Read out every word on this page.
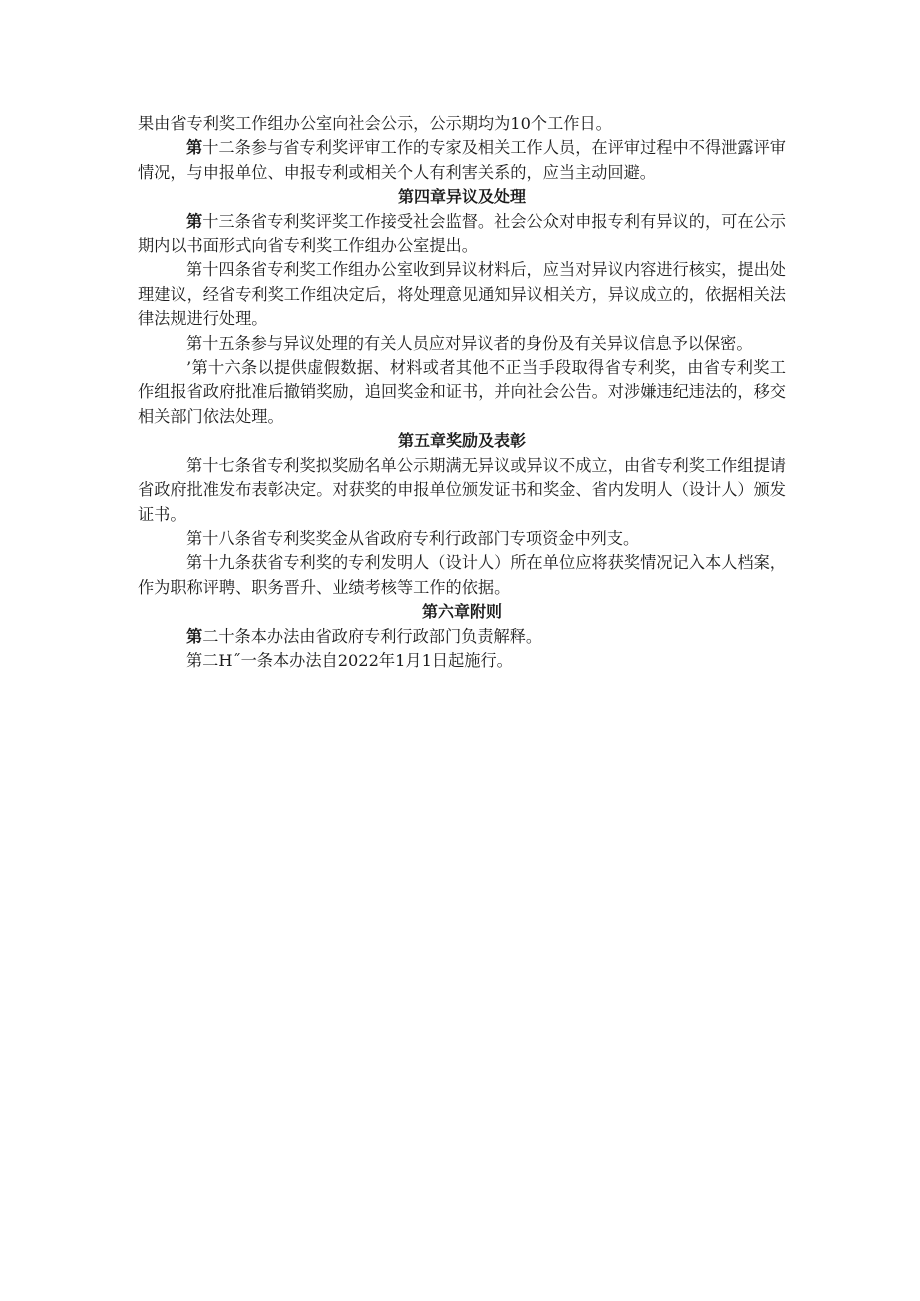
果由省专利奖工作组办公室向社会公示，公示期均为10个工作日。

第十二条参与省专利奖评审工作的专家及相关工作人员，在评审过程中不得泄露评审情况，与申报单位、申报专利或相关个人有利害关系的，应当主动回避。

第四章异议及处理

第十三条省专利奖评奖工作接受社会监督。社会公众对申报专利有异议的，可在公示期内以书面形式向省专利奖工作组办公室提出。

第十四条省专利奖工作组办公室收到异议材料后，应当对异议内容进行核实，提出处理建议，经省专利奖工作组决定后，将处理意见通知异议相关方，异议成立的，依据相关法律法规进行处理。

第十五条参与异议处理的有关人员应对异议者的身份及有关异议信息予以保密。

’第十六条以提供虚假数据、材料或者其他不正当手段取得省专利奖，由省专利奖工作组报省政府批准后撤销奖励，追回奖金和证书，并向社会公告。对涉嫌违纪违法的，移交相关部门依法处理。

第五章奖励及表彰

第十七条省专利奖拟奖励名单公示期满无异议或异议不成立，由省专利奖工作组提请省政府批准发布表彰决定。对获奖的申报单位颁发证书和奖金、省内发明人（设计人）颁发证书。

第十八条省专利奖奖金从省政府专利行政部门专项资金中列支。

第十九条获省专利奖的专利发明人（设计人）所在单位应将获奖情况记入本人档案，作为职称评聘、职务晋升、业绩考核等工作的依据。

第六章附则

第二十条本办法由省政府专利行政部门负责解释。

第二H˝一条本办法自2022年1月1日起施行。
